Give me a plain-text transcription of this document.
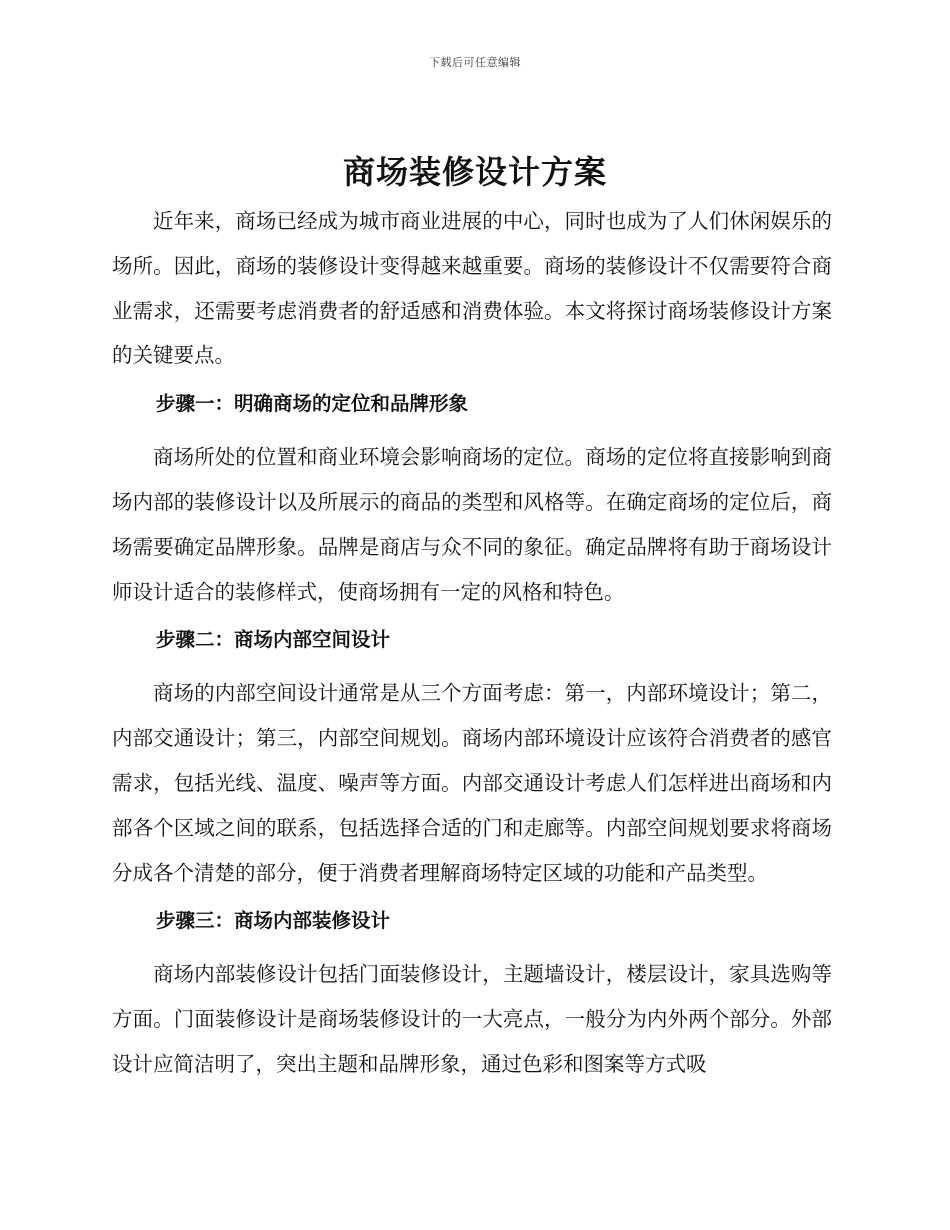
下载后可任意编辑
商场装修设计方案

近年来，商场已经成为城市商业进展的中心，同时也成为了人们休闲娱乐的场所。因此，商场的装修设计变得越来越重要。商场的装修设计不仅需要符合商业需求，还需要考虑消费者的舒适感和消费体验。本文将探讨商场装修设计方案的关键要点。

步骤一：明确商场的定位和品牌形象

商场所处的位置和商业环境会影响商场的定位。商场的定位将直接影响到商场内部的装修设计以及所展示的商品的类型和风格等。在确定商场的定位后，商场需要确定品牌形象。品牌是商店与众不同的象征。确定品牌将有助于商场设计师设计适合的装修样式，使商场拥有一定的风格和特色。

步骤二：商场内部空间设计

商场的内部空间设计通常是从三个方面考虑：第一，内部环境设计；第二，内部交通设计；第三，内部空间规划。商场内部环境设计应该符合消费者的感官需求，包括光线、温度、噪声等方面。内部交通设计考虑人们怎样进出商场和内部各个区域之间的联系，包括选择合适的门和走廊等。内部空间规划要求将商场分成各个清楚的部分，便于消费者理解商场特定区域的功能和产品类型。

步骤三：商场内部装修设计

商场内部装修设计包括门面装修设计，主题墙设计，楼层设计，家具选购等方面。门面装修设计是商场装修设计的一大亮点，一般分为内外两个部分。外部设计应简洁明了，突出主题和品牌形象，通过色彩和图案等方式吸
